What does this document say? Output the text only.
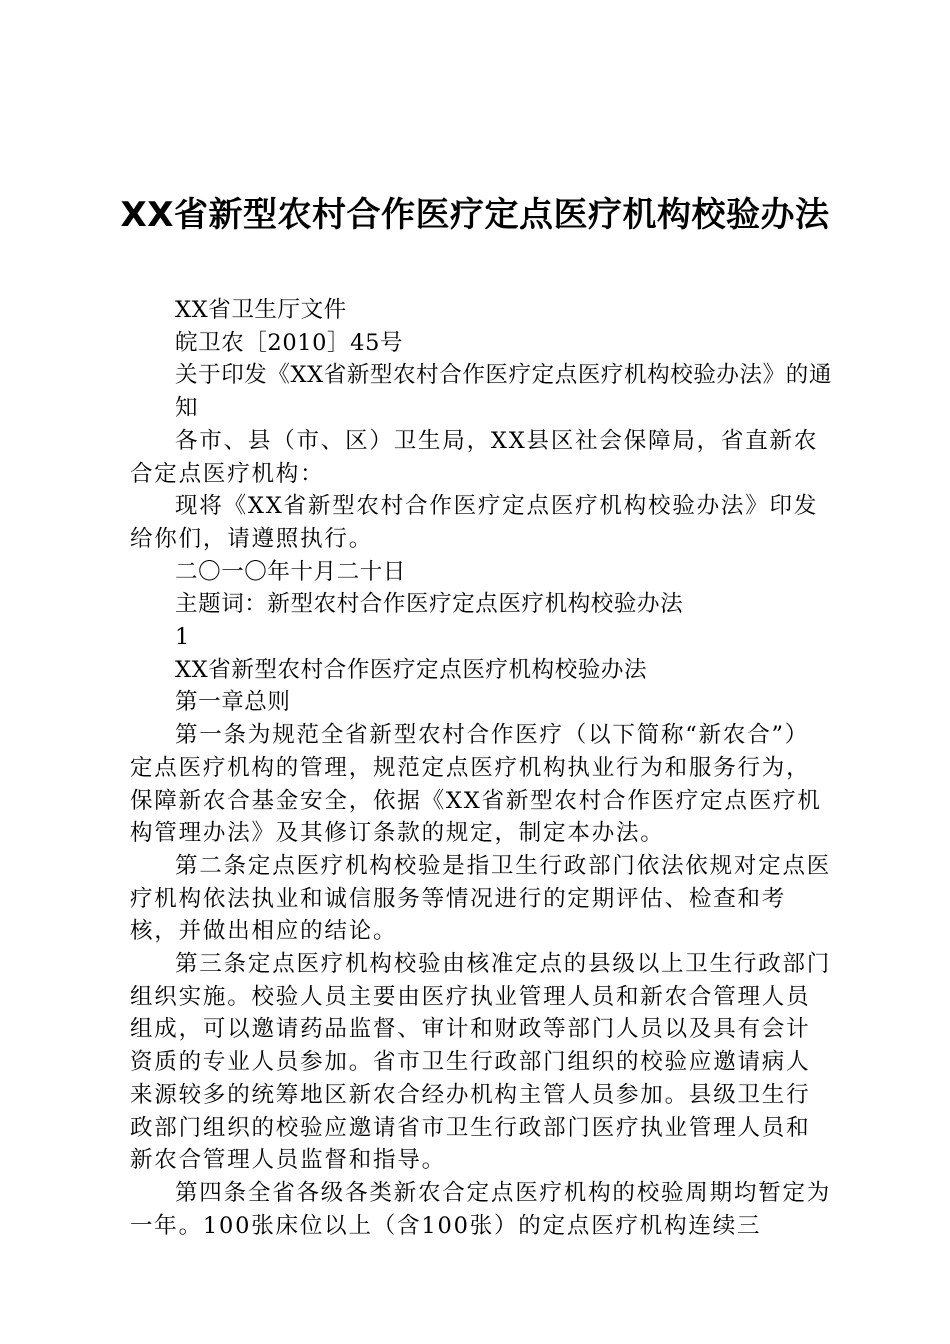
XX省新型农村合作医疗定点医疗机构校验办法

XX省卫生厅文件

皖卫农［2010］45号

关于印发《XX省新型农村合作医疗定点医疗机构校验办法》的通知

各市、县（市、区）卫生局，XX县区社会保障局，省直新农合定点医疗机构：

现将《XX省新型农村合作医疗定点医疗机构校验办法》印发给你们，请遵照执行。

二〇一〇年十月二十日

主题词：新型农村合作医疗定点医疗机构校验办法

1

XX省新型农村合作医疗定点医疗机构校验办法

第一章总则

第一条为规范全省新型农村合作医疗（以下简称“新农合”）定点医疗机构的管理，规范定点医疗机构执业行为和服务行为，保障新农合基金安全，依据《XX省新型农村合作医疗定点医疗机构管理办法》及其修订条款的规定，制定本办法。

第二条定点医疗机构校验是指卫生行政部门依法依规对定点医疗机构依法执业和诚信服务等情况进行的定期评估、检查和考核，并做出相应的结论。

第三条定点医疗机构校验由核准定点的县级以上卫生行政部门组织实施。校验人员主要由医疗执业管理人员和新农合管理人员组成，可以邀请药品监督、审计和财政等部门人员以及具有会计资质的专业人员参加。省市卫生行政部门组织的校验应邀请病人来源较多的统筹地区新农合经办机构主管人员参加。县级卫生行政部门组织的校验应邀请省市卫生行政部门医疗执业管理人员和新农合管理人员监督和指导。

第四条全省各级各类新农合定点医疗机构的校验周期均暂定为一年。100张床位以上（含100张）的定点医疗机构连续三
